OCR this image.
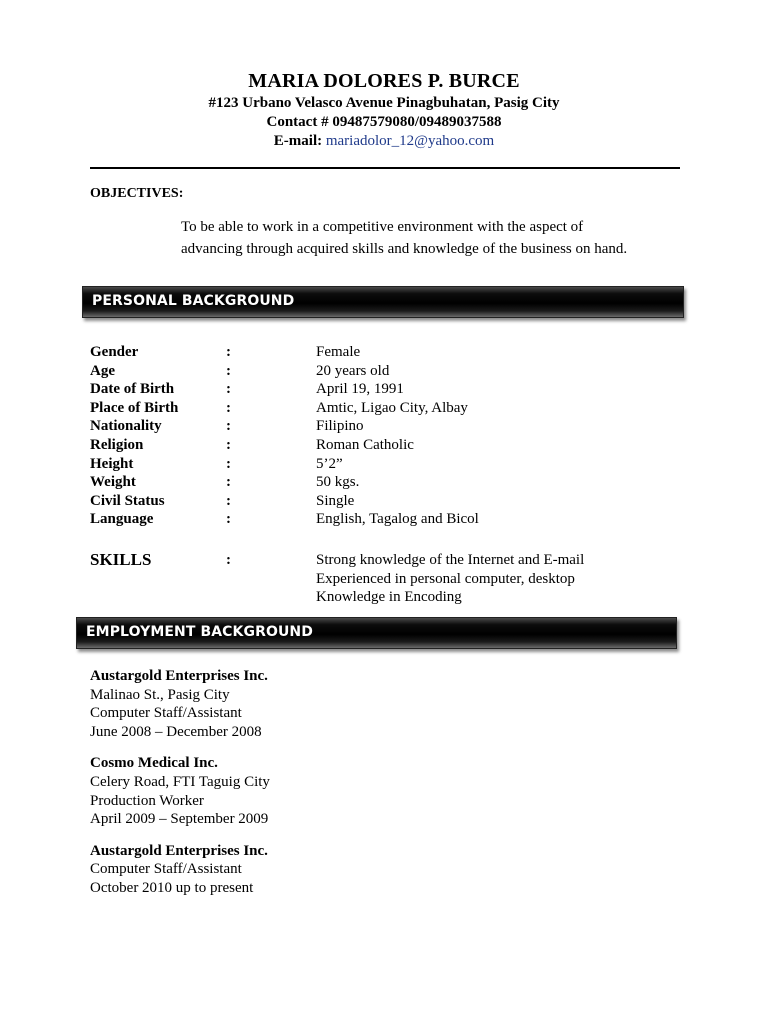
MARIA DOLORES P. BURCE
#123 Urbano Velasco Avenue Pinagbuhatan, Pasig City
Contact # 09487579080/09489037588
E-mail: mariadolor_12@yahoo.com
OBJECTIVES:
To be able to work in a competitive environment with the aspect of
advancing through acquired skills and knowledge of the business on hand.
PERSONAL BACKGROUND
Gender	:	Female
Age	:	20 years old
Date of Birth	:	April 19, 1991
Place of Birth	:	Amtic, Ligao City, Albay
Nationality	:	Filipino
Religion	:	Roman Catholic
Height	:	5’2”
Weight	:	50 kgs.
Civil Status	:	Single
Language	:	English, Tagalog and Bicol
SKILLS	:	Strong knowledge of the Internet and E-mail
Experienced in personal computer, desktop
Knowledge in Encoding
EMPLOYMENT BACKGROUND
Austargold Enterprises Inc.
Malinao St., Pasig City
Computer Staff/Assistant
June 2008 – December 2008
Cosmo Medical Inc.
Celery Road, FTI Taguig City
Production Worker
April 2009 – September 2009
Austargold Enterprises Inc.
Computer Staff/Assistant
October 2010 up to present
